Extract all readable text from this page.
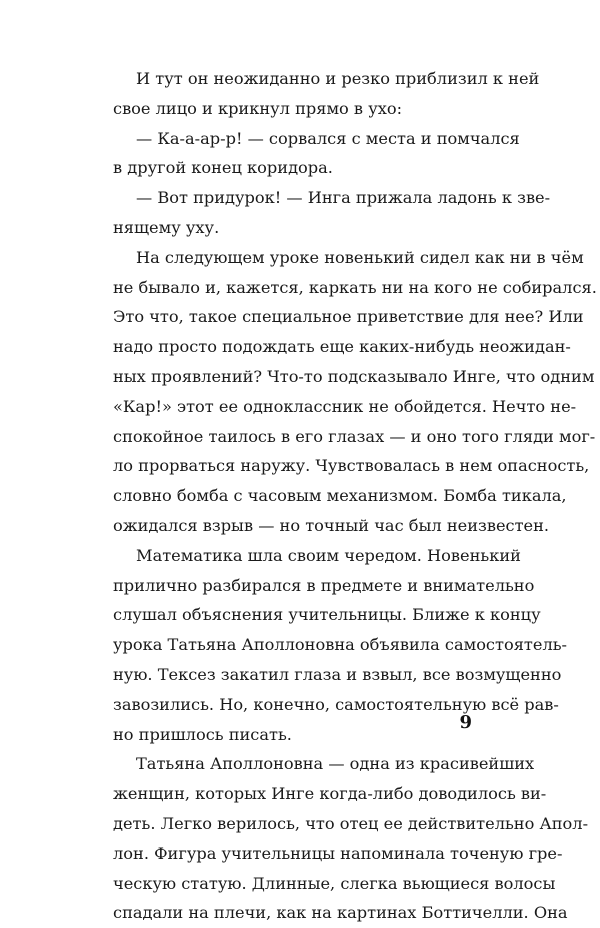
И тут он неожиданно и резко приблизил к ней
свое лицо и крикнул прямо в ухо:
— Ка-а-ар-р! — сорвался с места и помчался
в другой конец коридора.
— Вот придурок! — Инга прижала ладонь к зве-
нящему уху.
На следующем уроке новенький сидел как ни в чём
не бывало и, кажется, каркать ни на кого не собирался.
Это что, такое специальное приветствие для нее? Или
надо просто подождать еще каких-нибудь неожидан-
ных проявлений? Что-то подсказывало Инге, что одним
«Кар!» этот ее одноклассник не обойдется. Нечто не-
спокойное таилось в его глазах — и оно того гляди мог-
ло прорваться наружу. Чувствовалась в нем опасность,
словно бомба с часовым механизмом. Бомба тикала,
ожидался взрыв — но точный час был неизвестен.
Математика шла своим чередом. Новенький
прилично разбирался в предмете и внимательно
слушал объяснения учительницы. Ближе к концу
урока Татьяна Аполлоновна объявила самостоятель-
ную. Тексез закатил глаза и взвыл, все возмущенно
завозились. Но, конечно, самостоятельную всё рав-
но пришлось писать.
Татьяна Аполлоновна — одна из красивейших
женщин, которых Инге когда-либо доводилось ви-
деть. Легко верилось, что отец ее действительно Апол-
лон. Фигура учительницы напоминала точеную гре-
ческую статую. Длинные, слегка вьющиеся волосы
спадали на плечи, как на картинах Боттичелли. Она
9
